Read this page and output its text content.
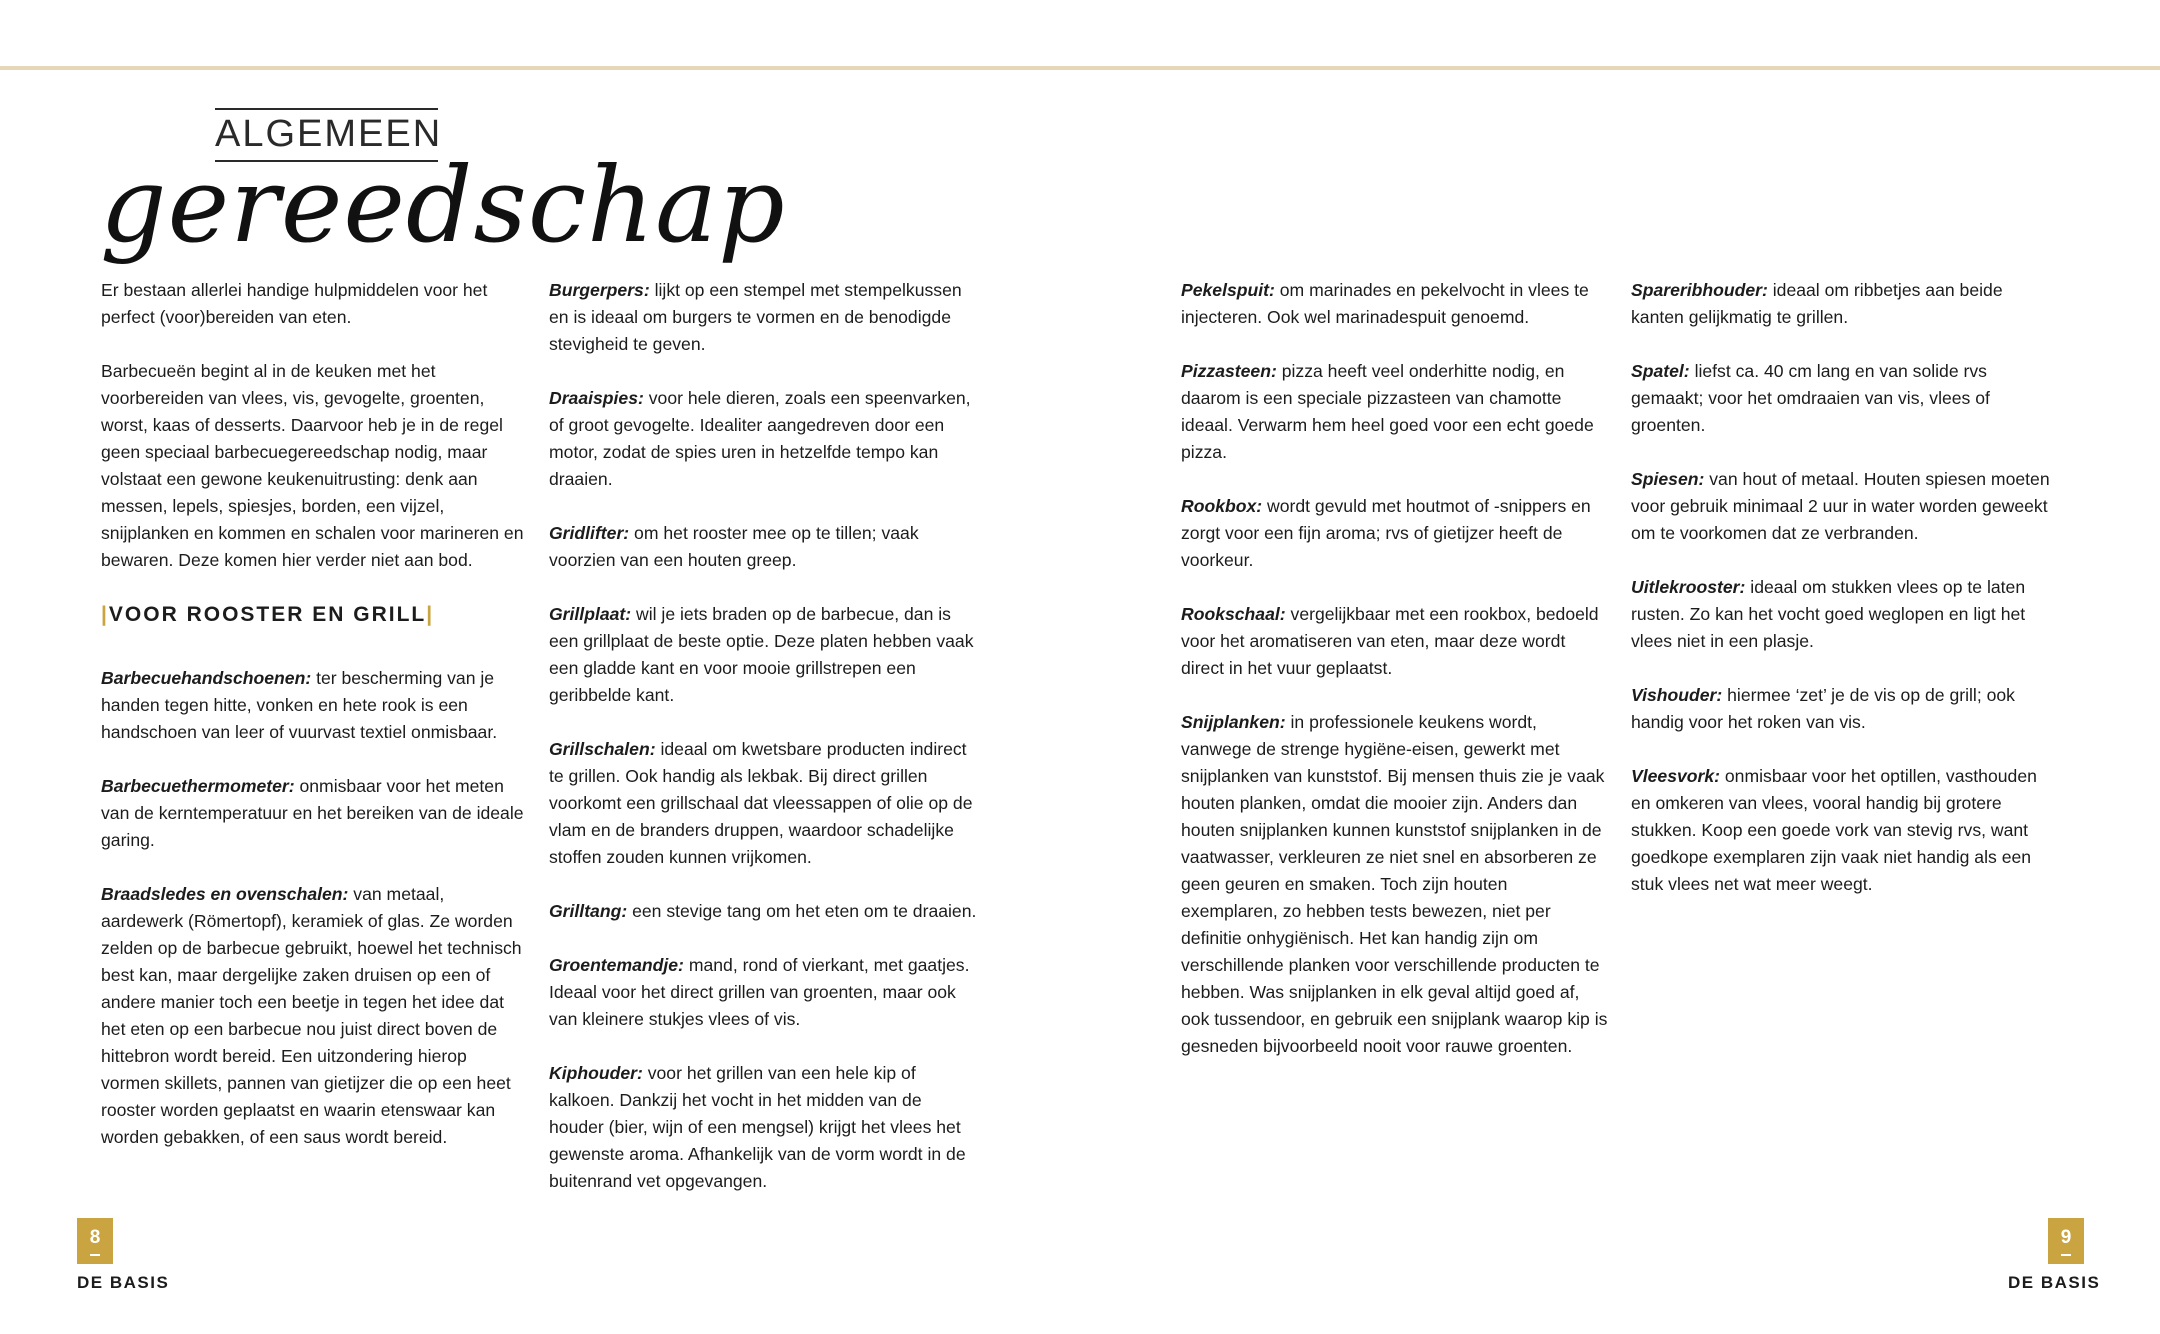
ALGEMEEN
gereedschap

Er bestaan allerlei handige hulpmiddelen voor het perfect (voor)bereiden van eten.

Barbecueën begint al in de keuken met het voorbereiden van vlees, vis, gevogelte, groenten, worst, kaas of desserts. Daarvoor heb je in de regel geen speciaal barbecuegereedschap nodig, maar volstaat een gewone keukenuitrusting: denk aan messen, lepels, spiesjes, borden, een vijzel, snijplanken en kommen en schalen voor marineren en bewaren. Deze komen hier verder niet aan bod.

|VOOR ROOSTER EN GRILL|

Barbecuehandschoenen: ter bescherming van je handen tegen hitte, vonken en hete rook is een handschoen van leer of vuurvast textiel onmisbaar.

Barbecuethermometer: onmisbaar voor het meten van de kerntemperatuur en het bereiken van de ideale garing.

Braadsledes en ovenschalen: van metaal, aardewerk (Römertopf), keramiek of glas. Ze worden zelden op de barbecue gebruikt, hoewel het technisch best kan, maar dergelijke zaken druisen op een of andere manier toch een beetje in tegen het idee dat het eten op een barbecue nou juist direct boven de hittebron wordt bereid. Een uitzondering hierop vormen skillets, pannen van gietijzer die op een heet rooster worden geplaatst en waarin etenswaar kan worden gebakken, of een saus wordt bereid.

Burgerpers: lijkt op een stempel met stempelkussen en is ideaal om burgers te vormen en de benodigde stevigheid te geven.

Draaispies: voor hele dieren, zoals een speenvarken, of groot gevogelte. Idealiter aangedreven door een motor, zodat de spies uren in hetzelfde tempo kan draaien.

Gridlifter: om het rooster mee op te tillen; vaak voorzien van een houten greep.

Grillplaat: wil je iets braden op de barbecue, dan is een grillplaat de beste optie. Deze platen hebben vaak een gladde kant en voor mooie grillstrepen een geribbelde kant.

Grillschalen: ideaal om kwetsbare producten indirect te grillen. Ook handig als lekbak. Bij direct grillen voorkomt een grillschaal dat vleessappen of olie op de vlam en de branders druppen, waardoor schadelijke stoffen zouden kunnen vrijkomen.

Grilltang: een stevige tang om het eten om te draaien.

Groentemandje: mand, rond of vierkant, met gaatjes. Ideaal voor het direct grillen van groenten, maar ook van kleinere stukjes vlees of vis.

Kiphouder: voor het grillen van een hele kip of kalkoen. Dankzij het vocht in het midden van de houder (bier, wijn of een mengsel) krijgt het vlees het gewenste aroma. Afhankelijk van de vorm wordt in de buitenrand vet opgevangen.

Pekelspuit: om marinades en pekelvocht in vlees te injecteren. Ook wel marinadespuit genoemd.

Pizzasteen: pizza heeft veel onderhitte nodig, en daarom is een speciale pizzasteen van chamotte ideaal. Verwarm hem heel goed voor een echt goede pizza.

Rookbox: wordt gevuld met houtmot of -snippers en zorgt voor een fijn aroma; rvs of gietijzer heeft de voorkeur.

Rookschaal: vergelijkbaar met een rookbox, bedoeld voor het aromatiseren van eten, maar deze wordt direct in het vuur geplaatst.

Snijplanken: in professionele keukens wordt, vanwege de strenge hygiëne-eisen, gewerkt met snijplanken van kunststof. Bij mensen thuis zie je vaak houten planken, omdat die mooier zijn. Anders dan houten snijplanken kunnen kunststof snijplanken in de vaatwasser, verkleuren ze niet snel en absorberen ze geen geuren en smaken. Toch zijn houten exemplaren, zo hebben tests bewezen, niet per definitie onhygiënisch. Het kan handig zijn om verschillende planken voor verschillende producten te hebben. Was snijplanken in elk geval altijd goed af, ook tussendoor, en gebruik een snijplank waarop kip is gesneden bijvoorbeeld nooit voor rauwe groenten.

Spareribhouder: ideaal om ribbetjes aan beide kanten gelijkmatig te grillen.

Spatel: liefst ca. 40 cm lang en van solide rvs gemaakt; voor het omdraaien van vis, vlees of groenten.

Spiesen: van hout of metaal. Houten spiesen moeten voor gebruik minimaal 2 uur in water worden geweekt om te voorkomen dat ze verbranden.

Uitlekrooster: ideaal om stukken vlees op te laten rusten. Zo kan het vocht goed weglopen en ligt het vlees niet in een plasje.

Vishouder: hiermee ‘zet’ je de vis op de grill; ook handig voor het roken van vis.

Vleesvork: onmisbaar voor het optillen, vasthouden en omkeren van vlees, vooral handig bij grotere stukken. Koop een goede vork van stevig rvs, want goedkope exemplaren zijn vaak niet handig als een stuk vlees net wat meer weegt.

8
DE BASIS
9
DE BASIS
